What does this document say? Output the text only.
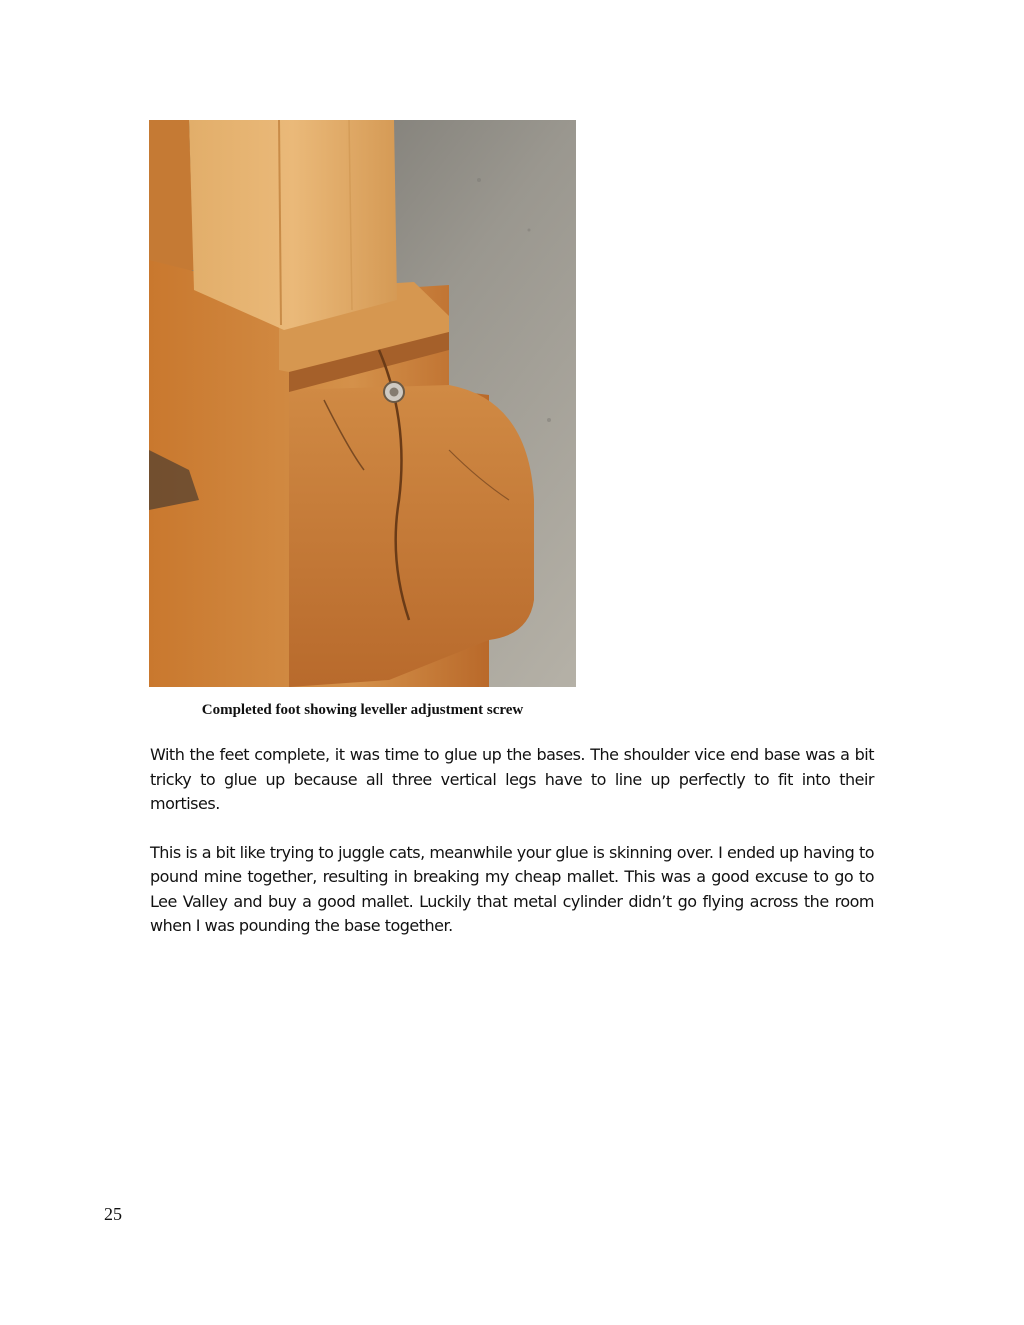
Completed foot showing leveller adjustment screw

With the feet complete, it was time to glue up the bases. The shoulder vice end base was a bit tricky to glue up because all three vertical legs have to line up perfectly to fit into their mortises.

This is a bit like trying to juggle cats, meanwhile your glue is skinning over. I ended up having to pound mine together, resulting in breaking my cheap mallet. This was a good excuse to go to Lee Valley and buy a good mallet. Luckily that metal cylinder didn’t go flying across the room when I was pounding the base together.

25
